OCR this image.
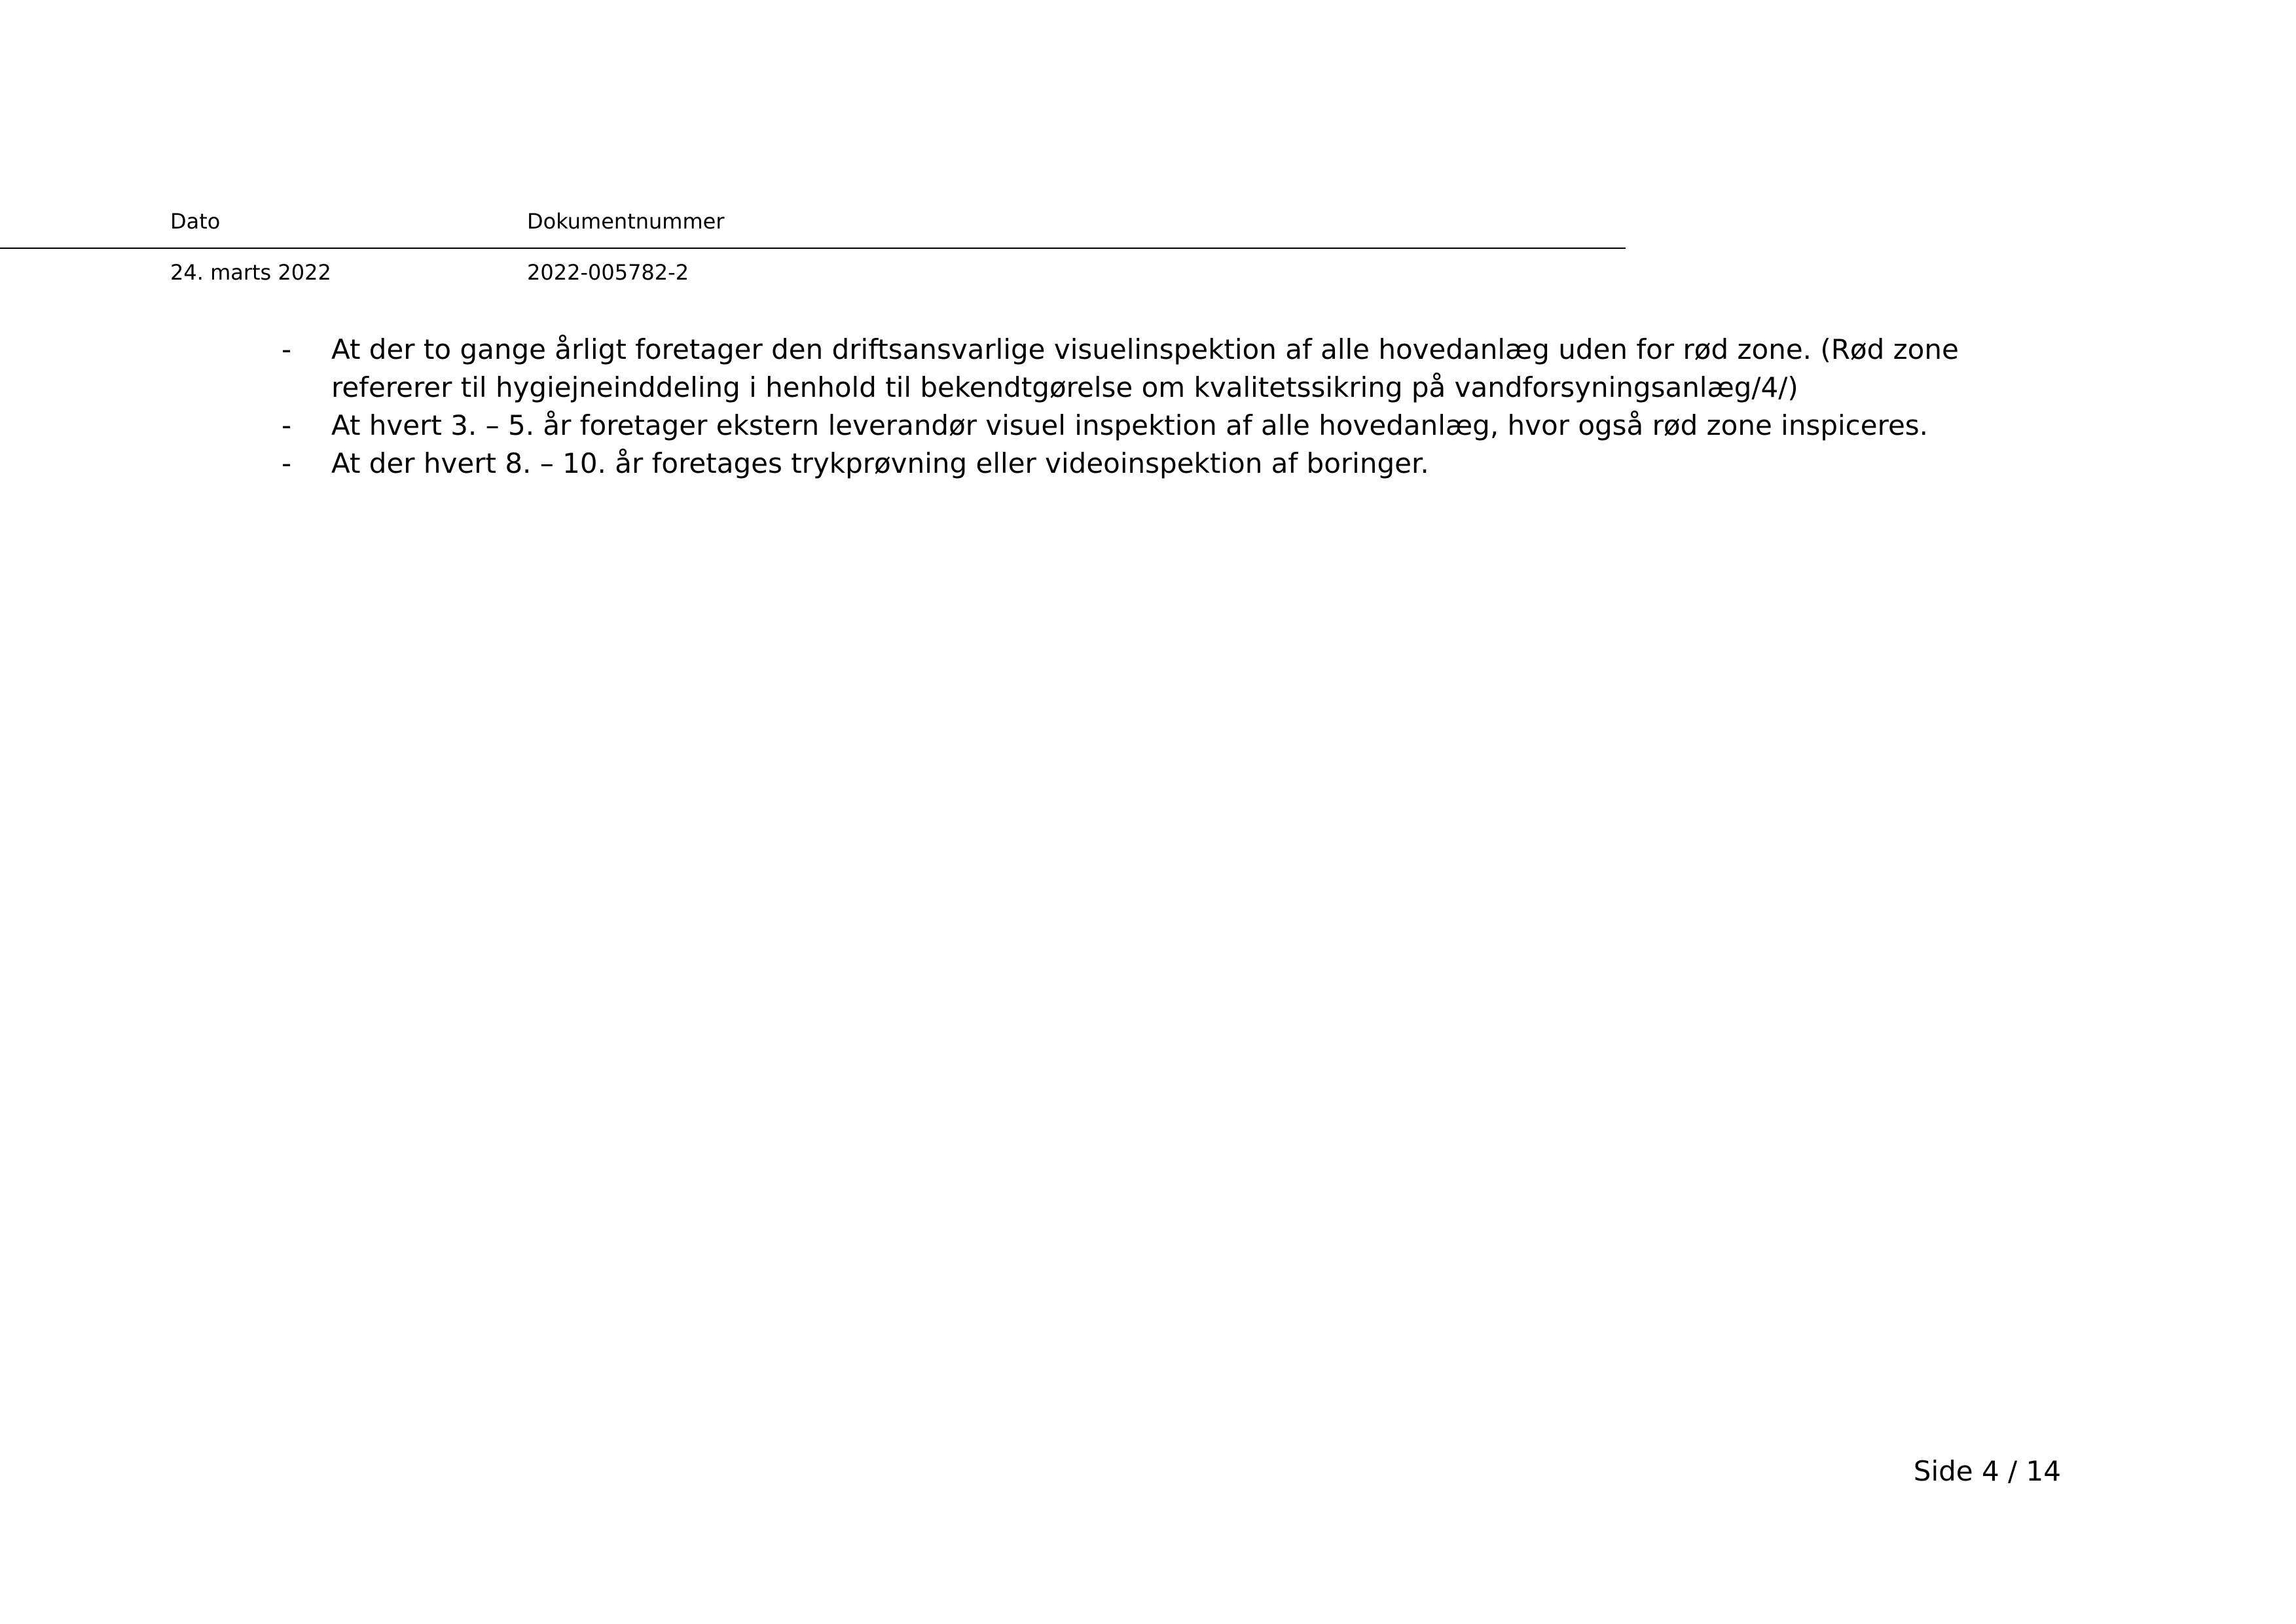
Dato	Dokumentnummer
24. marts 2022	2022-005782-2
- At der to gange årligt foretager den driftsansvarlige visuelinspektion af alle hovedanlæg uden for rød zone. (Rød zone refererer til hygiejneinddeling i henhold til bekendtgørelse om kvalitetssikring på vandforsyningsanlæg/4/)
- At hvert 3. – 5. år foretager ekstern leverandør visuel inspektion af alle hovedanlæg, hvor også rød zone inspiceres.
- At der hvert 8. – 10. år foretages trykprøvning eller videoinspektion af boringer.
Side 4 / 14
